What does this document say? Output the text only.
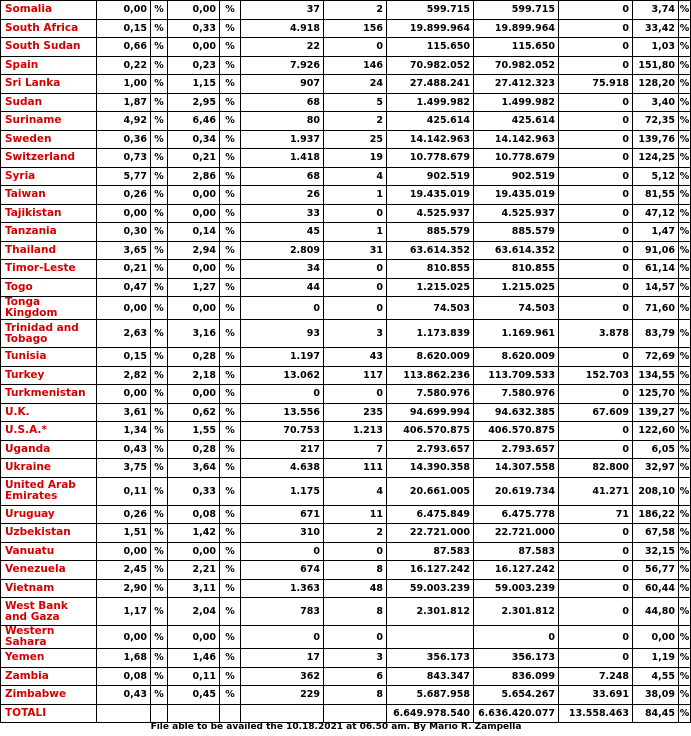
Somalia	0,00	%	0,00	%	37	2	599.715	599.715	0	3,74	%
South Africa	0,15	%	0,33	%	4.918	156	19.899.964	19.899.964	0	33,42	%
South Sudan	0,66	%	0,00	%	22	0	115.650	115.650	0	1,03	%
Spain	0,22	%	0,23	%	7.926	146	70.982.052	70.982.052	0	151,80	%
Sri Lanka	1,00	%	1,15	%	907	24	27.488.241	27.412.323	75.918	128,20	%
Sudan	1,87	%	2,95	%	68	5	1.499.982	1.499.982	0	3,40	%
Suriname	4,92	%	6,46	%	80	2	425.614	425.614	0	72,35	%
Sweden	0,36	%	0,34	%	1.937	25	14.142.963	14.142.963	0	139,76	%
Switzerland	0,73	%	0,21	%	1.418	19	10.778.679	10.778.679	0	124,25	%
Syria	5,77	%	2,86	%	68	4	902.519	902.519	0	5,12	%
Taiwan	0,26	%	0,00	%	26	1	19.435.019	19.435.019	0	81,55	%
Tajikistan	0,00	%	0,00	%	33	0	4.525.937	4.525.937	0	47,12	%
Tanzania	0,30	%	0,14	%	45	1	885.579	885.579	0	1,47	%
Thailand	3,65	%	2,94	%	2.809	31	63.614.352	63.614.352	0	91,06	%
Timor-Leste	0,21	%	0,00	%	34	0	810.855	810.855	0	61,14	%
Togo	0,47	%	1,27	%	44	0	1.215.025	1.215.025	0	14,57	%
Tonga Kingdom	0,00	%	0,00	%	0	0	74.503	74.503	0	71,60	%
Trinidad and Tobago	2,63	%	3,16	%	93	3	1.173.839	1.169.961	3.878	83,79	%
Tunisia	0,15	%	0,28	%	1.197	43	8.620.009	8.620.009	0	72,69	%
Turkey	2,82	%	2,18	%	13.062	117	113.862.236	113.709.533	152.703	134,55	%
Turkmenistan	0,00	%	0,00	%	0	0	7.580.976	7.580.976	0	125,70	%
U.K.	3,61	%	0,62	%	13.556	235	94.699.994	94.632.385	67.609	139,27	%
U.S.A.*	1,34	%	1,55	%	70.753	1.213	406.570.875	406.570.875	0	122,60	%
Uganda	0,43	%	0,28	%	217	7	2.793.657	2.793.657	0	6,05	%
Ukraine	3,75	%	3,64	%	4.638	111	14.390.358	14.307.558	82.800	32,97	%
United Arab Emirates	0,11	%	0,33	%	1.175	4	20.661.005	20.619.734	41.271	208,10	%
Uruguay	0,26	%	0,08	%	671	11	6.475.849	6.475.778	71	186,22	%
Uzbekistan	1,51	%	1,42	%	310	2	22.721.000	22.721.000	0	67,58	%
Vanuatu	0,00	%	0,00	%	0	0	87.583	87.583	0	32,15	%
Venezuela	2,45	%	2,21	%	674	8	16.127.242	16.127.242	0	56,77	%
Vietnam	2,90	%	3,11	%	1.363	48	59.003.239	59.003.239	0	60,44	%
West Bank and Gaza	1,17	%	2,04	%	783	8	2.301.812	2.301.812	0	44,80	%
Western Sahara	0,00	%	0,00	%	0	0		0	0	0,00	%
Yemen	1,68	%	1,46	%	17	3	356.173	356.173	0	1,19	%
Zambia	0,08	%	0,11	%	362	6	843.347	836.099	7.248	4,55	%
Zimbabwe	0,43	%	0,45	%	229	8	5.687.958	5.654.267	33.691	38,09	%
TOTALI							6.649.978.540	6.636.420.077	13.558.463	84,45	%
File able to be availed the 10.18.2021 at 06.50 am. By Mario R. Zampella
